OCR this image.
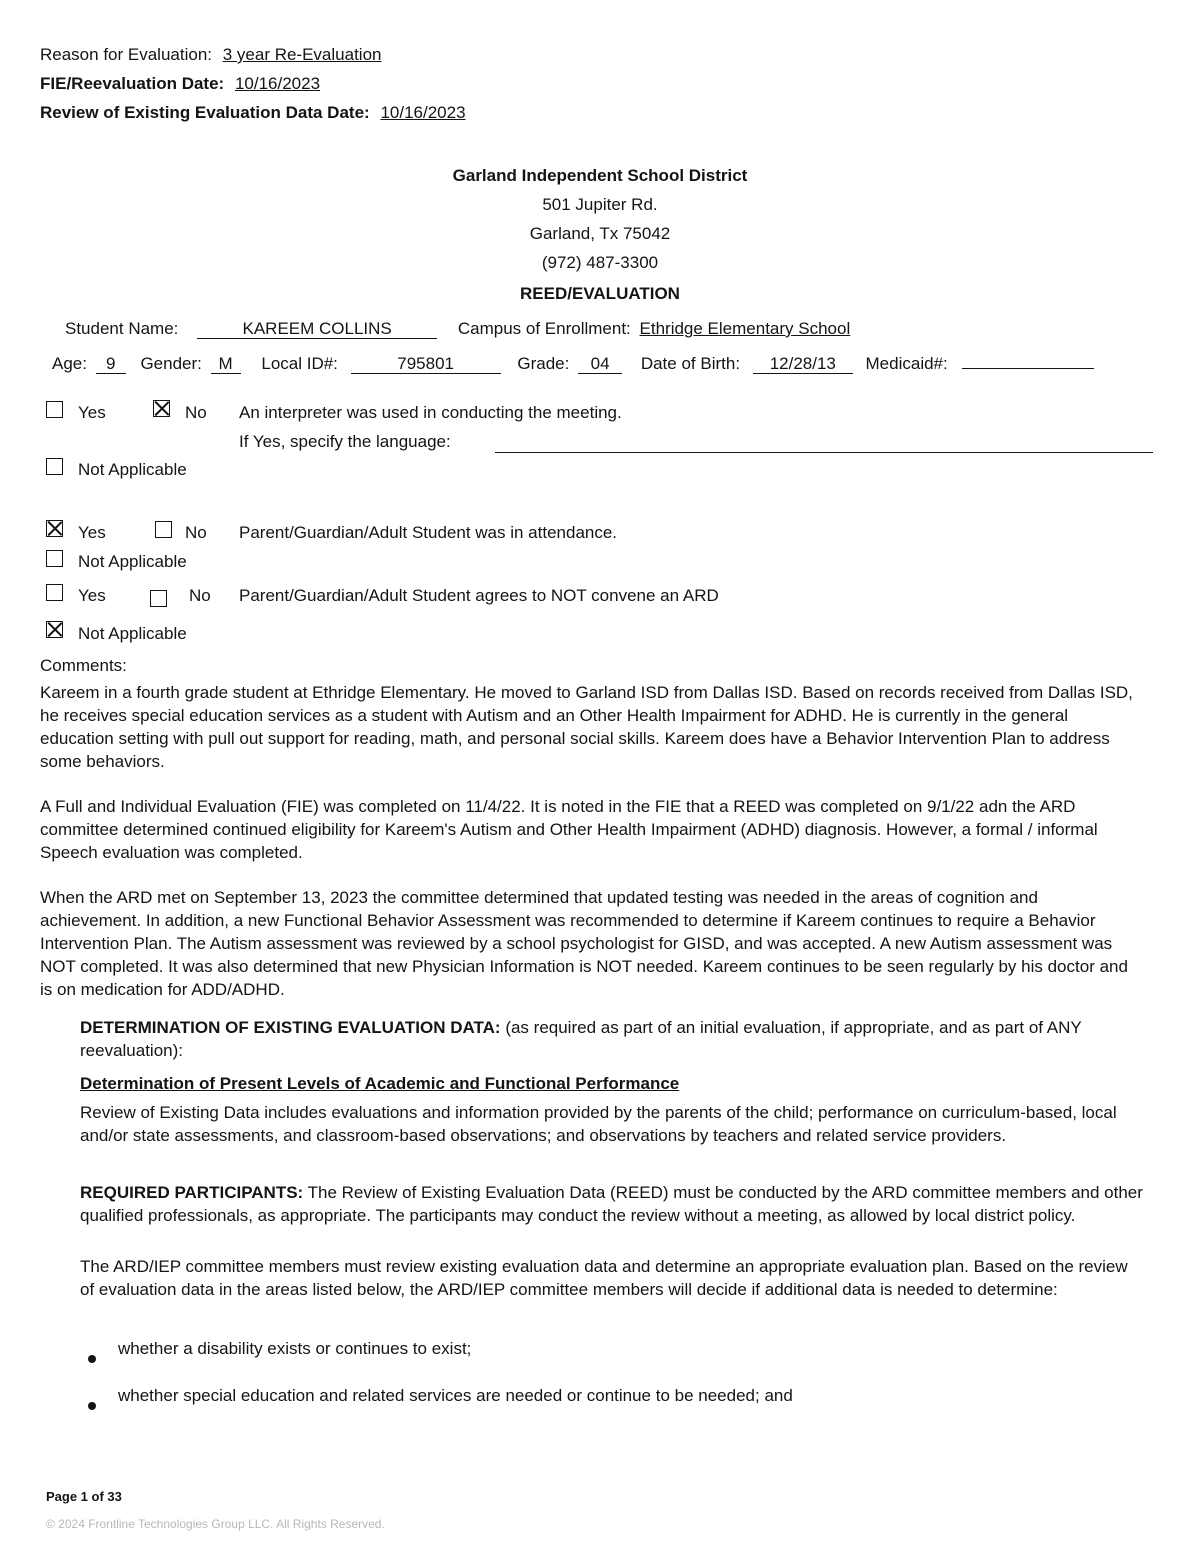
Reason for Evaluation: 3 year Re-Evaluation
FIE/Reevaluation Date: 10/16/2023
Review of Existing Evaluation Data Date: 10/16/2023
Garland Independent School District
501 Jupiter Rd.
Garland, Tx 75042
(972) 487-3300
REED/EVALUATION
Student Name:	KAREEM COLLINS	Campus of Enrollment: Ethridge Elementary School
Age: 9 Gender: M Local ID#:	795801	Grade: 04 Date of Birth: 12/28/13 Medicaid#:
Yes	No An interpreter was used in conducting the meeting.
If Yes, specify the language:
Not Applicable
Yes	No Parent/Guardian/Adult Student was in attendance.
Not Applicable
Yes	No Parent/Guardian/Adult Student agrees to NOT convene an ARD
Not Applicable
Comments:
Kareem in a fourth grade student at Ethridge Elementary. He moved to Garland ISD from Dallas ISD. Based on records received from Dallas ISD, he receives special education services as a student with Autism and an Other Health Impairment for ADHD. He is currently in the general education setting with pull out support for reading, math, and personal social skills. Kareem does have a Behavior Intervention Plan to address some behaviors.
A Full and Individual Evaluation (FIE) was completed on 11/4/22. It is noted in the FIE that a REED was completed on 9/1/22 adn the ARD committee determined continued eligibility for Kareem's Autism and Other Health Impairment (ADHD) diagnosis. However, a formal / informal Speech evaluation was completed.
When the ARD met on September 13, 2023 the committee determined that updated testing was needed in the areas of cognition and achievement. In addition, a new Functional Behavior Assessment was recommended to determine if Kareem continues to require a Behavior Intervention Plan. The Autism assessment was reviewed by a school psychologist for GISD, and was accepted. A new Autism assessment was NOT completed. It was also determined that new Physician Information is NOT needed. Kareem continues to be seen regularly by his doctor and is on medication for ADD/ADHD.
DETERMINATION OF EXISTING EVALUATION DATA: (as required as part of an initial evaluation, if appropriate, and as part of ANY reevaluation):
Determination of Present Levels of Academic and Functional Performance
Review of Existing Data includes evaluations and information provided by the parents of the child; performance on curriculum-based, local and/or state assessments, and classroom-based observations; and observations by teachers and related service providers.
REQUIRED PARTICIPANTS: The Review of Existing Evaluation Data (REED) must be conducted by the ARD committee members and other qualified professionals, as appropriate. The participants may conduct the review without a meeting, as allowed by local district policy.
The ARD/IEP committee members must review existing evaluation data and determine an appropriate evaluation plan. Based on the review of evaluation data in the areas listed below, the ARD/IEP committee members will decide if additional data is needed to determine:
whether a disability exists or continues to exist;
whether special education and related services are needed or continue to be needed; and
Page 1 of 33
© 2024 Frontline Technologies Group LLC. All Rights Reserved.
